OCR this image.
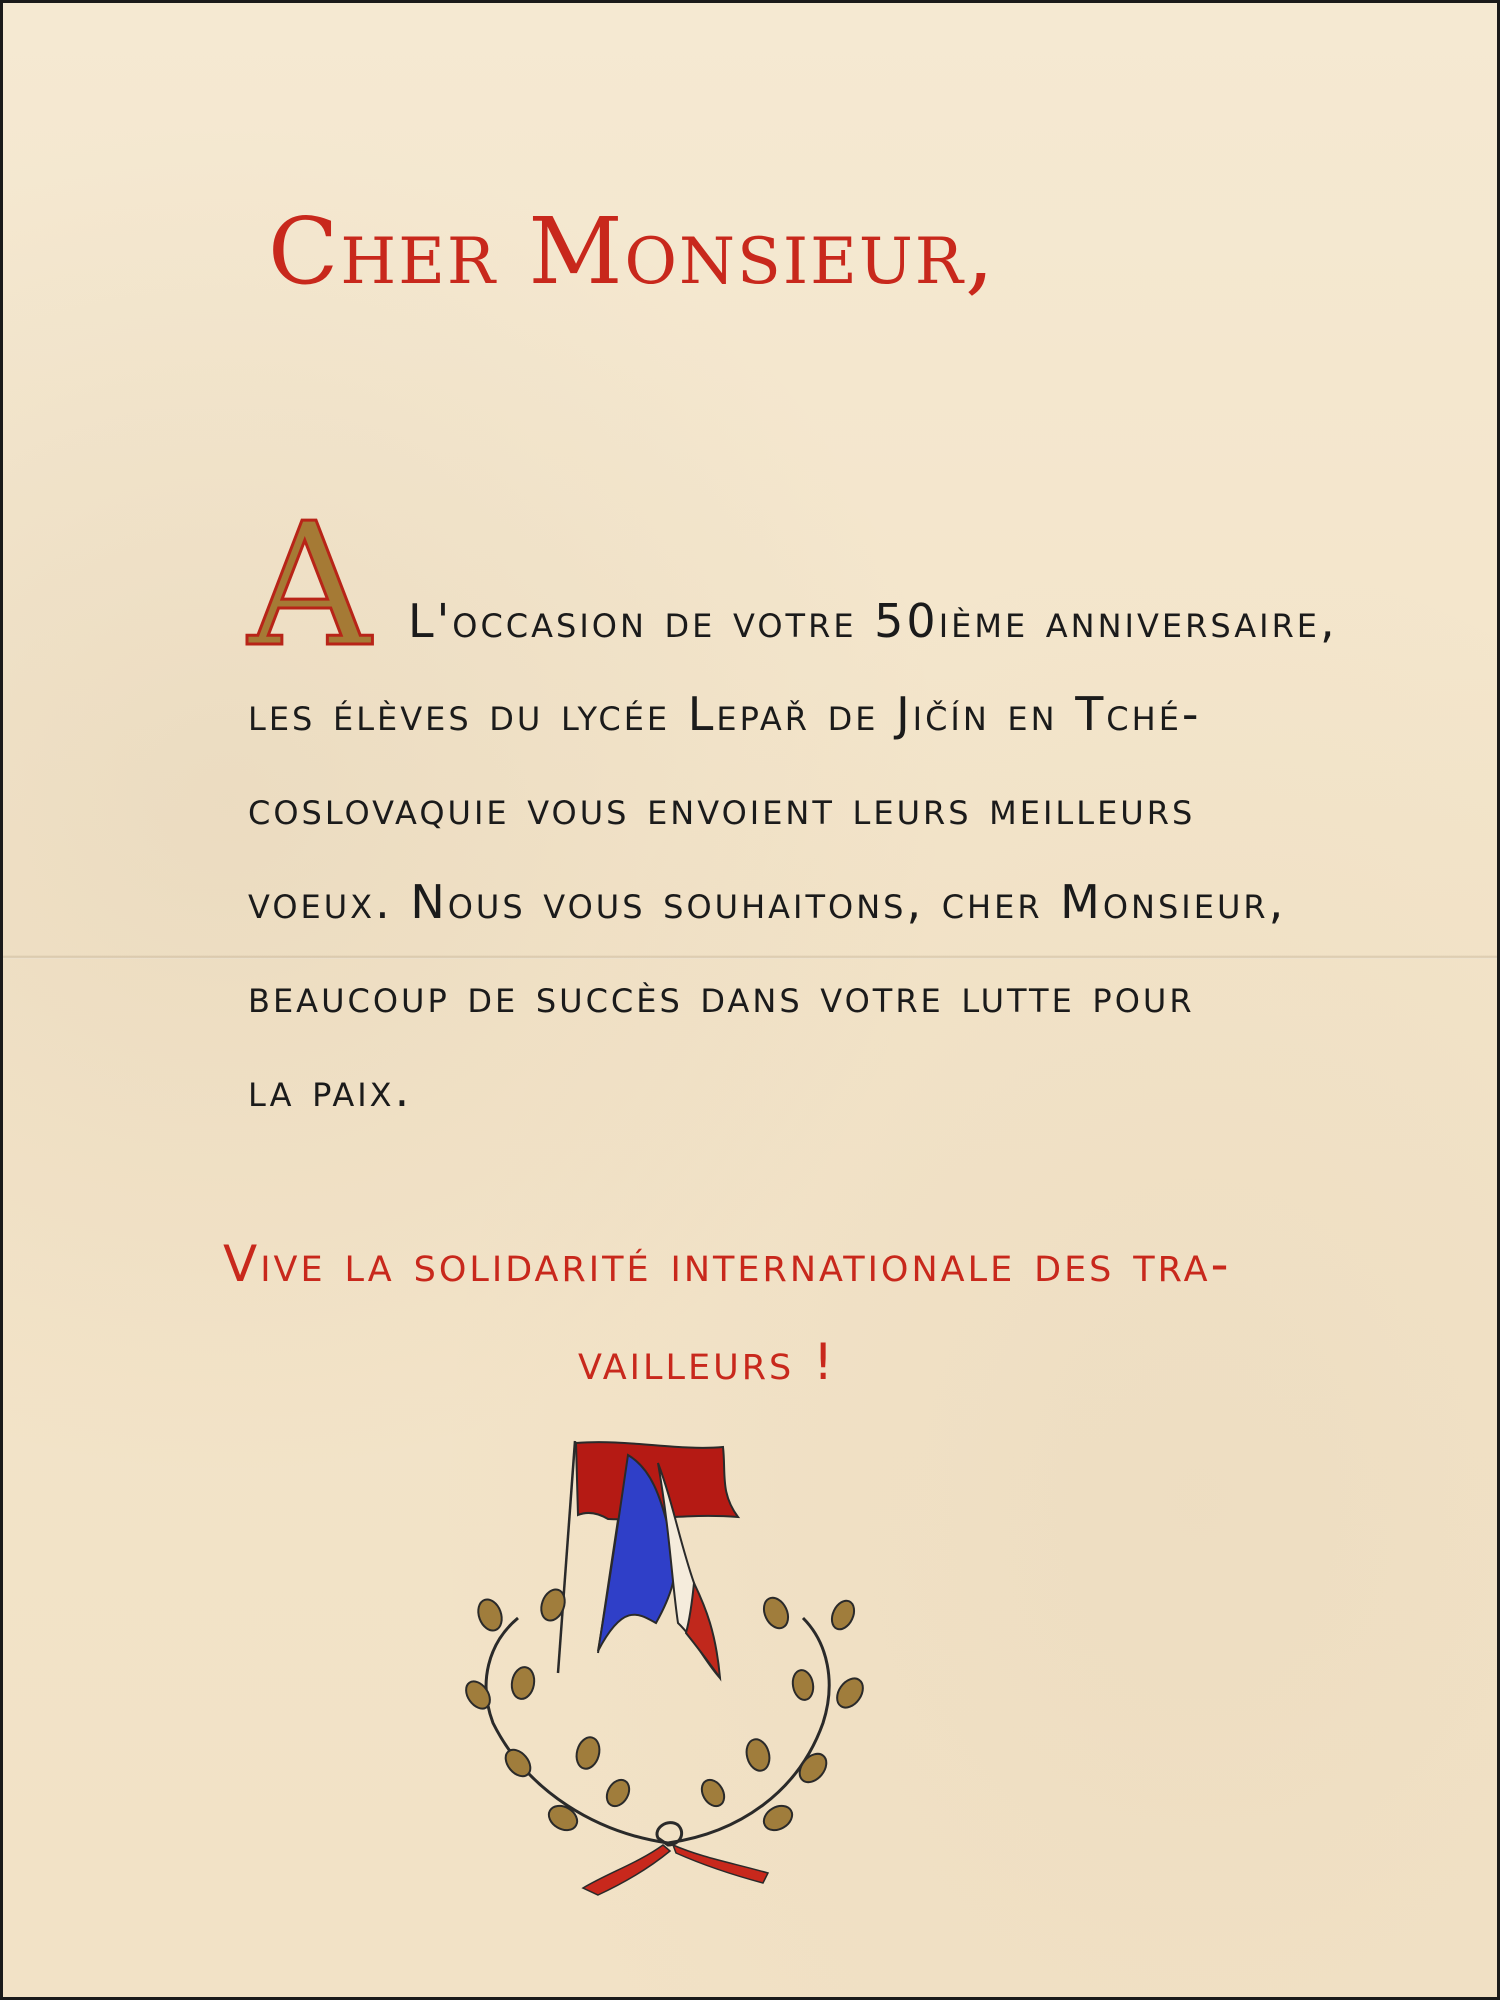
Cher Monsieur,

A L'occasion de votre 50ième anniversaire,

les élèves du lycée Lepař de Jičín en Tché-

coslovaquie vous envoient leurs meilleurs

voeux. Nous vous souhaitons, cher Monsieur,

beaucoup de succès dans votre lutte pour

la paix.

Vive la solidarité internationale des tra-

vailleurs !
